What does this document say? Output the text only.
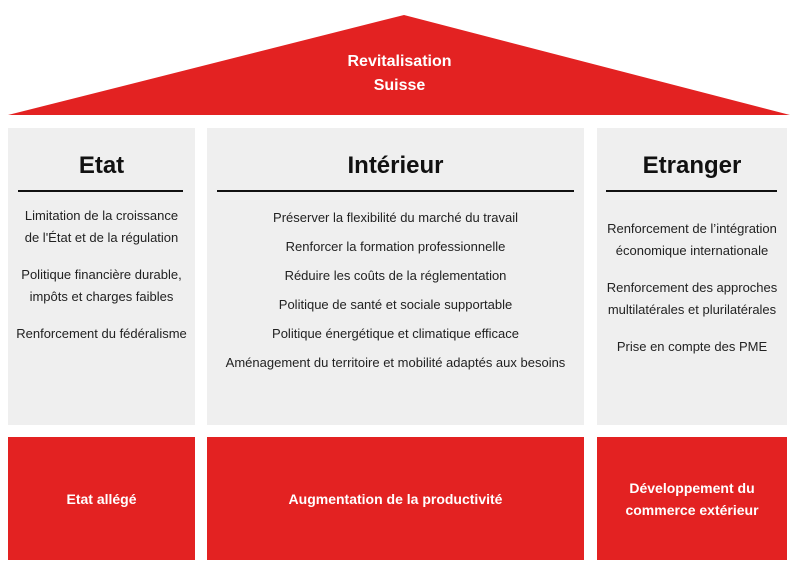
Revitalisation
Suisse
Etat
Limitation de la croissance de l'État et de la régulation
Politique financière durable, impôts et charges faibles
Renforcement du fédéralisme
Intérieur
Préserver la flexibilité du marché du travail
Renforcer la formation professionnelle
Réduire les coûts de la réglementation
Politique de santé et sociale supportable
Politique énergétique et climatique efficace
Aménagement du territoire et mobilité adaptés aux besoins
Etranger
Renforcement de l’intégration économique internationale
Renforcement des approches multilatérales et plurilatérales
Prise en compte des PME
Etat allégé	Augmentation de la productivité
Développement du commerce extérieur
